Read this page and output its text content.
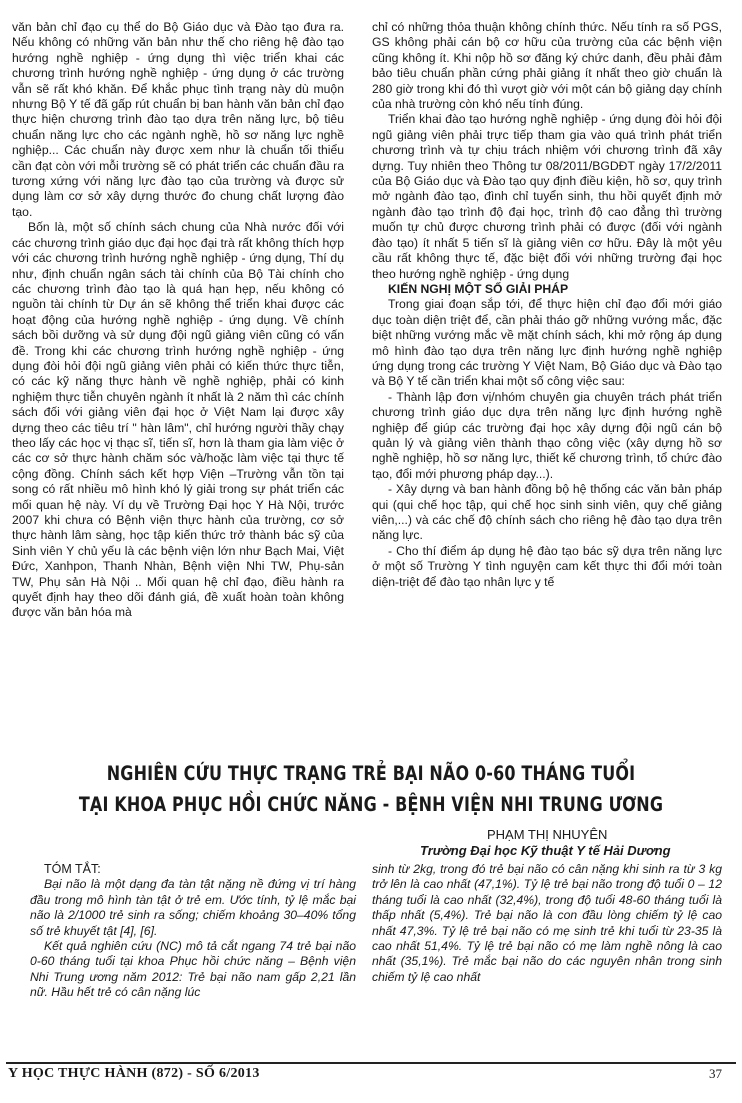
văn bản chỉ đạo cụ thể do Bộ Giáo dục và Đào tạo đưa ra. Nếu không có những văn bản như thế cho riêng hệ đào tạo hướng nghề nghiệp - ứng dụng thì việc triển khai các chương trình hướng nghề nghiệp - ứng dụng ở các trường vẫn sẽ rất khó khăn. Để khắc phục tình trạng này dù muộn nhưng Bộ Y tế đã gấp rút chuẩn bị ban hành văn bản chỉ đạo thực hiện chương trình đào tạo dựa trên năng lực, bộ tiêu chuẩn năng lực cho các ngành nghề, hồ sơ năng lực nghề nghiệp... Các chuẩn này được xem như là chuẩn tối thiểu cần đạt còn với mỗi trường sẽ có phát triển các chuẩn đầu ra tương xứng với năng lực đào tạo của trường và được sử dụng làm cơ sở xây dựng thước đo chung chất lượng đào tạo.

Bốn là, một số chính sách chung của Nhà nước đối với các chương trình giáo dục đại học đại trà rất không thích hợp với các chương trình hướng nghề nghiệp - ứng dụng, Thí dụ như, định chuẩn ngân sách tài chính của Bộ Tài chính cho các chương trình đào tạo là quá hạn hẹp, nếu không có nguồn tài chính từ Dự án sẽ không thể triển khai được các hoạt động của hướng nghề nghiệp - ứng dụng. Về chính sách bồi dưỡng và sử dụng đội ngũ giảng viên cũng có vấn đề. Trong khi các chương trình hướng nghề nghiệp - ứng dụng đòi hỏi đội ngũ giảng viên phải có kiến thức thực tiễn, có các kỹ năng thực hành về nghề nghiệp, phải có kinh nghiệm thực tiễn chuyên ngành ít nhất là 2 năm thì các chính sách đối với giảng viên đại học ở Việt Nam lại được xây dựng theo các tiêu trí " hàn lâm", chỉ hướng người thầy chạy theo lấy các học vị thạc sĩ, tiến sĩ, hơn là tham gia làm việc ở các cơ sở thực hành chăm sóc và/hoặc làm việc tại thực tế cộng đồng. Chính sách kết hợp Viện –Trường vẫn tồn tại song có rất nhiều mô hình khó lý giải trong sự phát triển các mối quan hệ này. Ví dụ về Trường Đại học Y Hà Nội, trước 2007 khi chưa có Bệnh viện thực hành của trường, cơ sở thực hành lâm sàng, học tập kiến thức trở thành bác sỹ của Sinh viên Y chủ yếu là các bệnh viện lớn như Bạch Mai, Việt Đức, Xanhpon, Thanh Nhàn, Bệnh viện Nhi TW, Phụ-sản TW, Phụ sản Hà Nội .. Mối quan hệ chỉ đạo, điều hành ra quyết định hay theo dõi đánh giá, đề xuất hoàn toàn không được văn bản hóa mà

chỉ có những thỏa thuận không chính thức. Nếu tính ra số PGS, GS không phải cán bộ cơ hữu của trường của các bệnh viện cũng không ít. Khi nộp hồ sơ đăng ký chức danh, đều phải đảm bảo tiêu chuẩn phần cứng phải giảng ít nhất theo giờ chuẩn là 280 giờ trong khi đó thì vượt giờ với một cán bộ giảng dạy chính của nhà trường còn khó nếu tính đúng.

Triển khai đào tạo hướng nghề nghiệp - ứng dụng đòi hỏi đội ngũ giảng viên phải trực tiếp tham gia vào quá trình phát triển chương trình và tự chịu trách nhiệm với chương trình đã xây dựng. Tuy nhiên theo Thông tư 08/2011/BGDĐT ngày 17/2/2011 của Bộ Giáo dục và Đào tạo quy định điều kiện, hồ sơ, quy trình mở ngành đào tạo, đình chỉ tuyển sinh, thu hồi quyết định mở ngành đào tạo trình độ đại học, trình độ cao đẳng thì trường muốn tự chủ được chương trình phải có được (đối với ngành đào tạo) ít nhất 5 tiến sĩ là giảng viên cơ hữu. Đây là một yêu cầu rất không thực tế, đặc biệt đối với những trường đại học theo hướng nghề nghiệp - ứng dụng

KIẾN NGHỊ MỘT SỐ GIẢI PHÁP

Trong giai đoạn sắp tới, để thực hiện chỉ đạo đổi mới giáo dục toàn diện triệt để, cần phải tháo gỡ những vướng mắc, đặc biệt những vướng mắc về mặt chính sách, khi mở rộng áp dụng mô hình đào tạo dựa trên năng lực định hướng nghề nghiệp ứng dụng trong các trường Y Việt Nam, Bộ Giáo dục và Đào tạo và Bộ Y tế cần triển khai một số công việc sau:

- Thành lập đơn vị/nhóm chuyên gia chuyên trách phát triển chương trình giáo dục dựa trên năng lực định hướng nghề nghiệp để giúp các trường đại học xây dựng đội ngũ cán bộ quản lý và giảng viên thành thạo công việc (xây dựng hồ sơ nghề nghiệp, hồ sơ năng lực, thiết kế chương trình, tổ chức đào tạo, đổi mới phương pháp dạy...).

- Xây dựng và ban hành đồng bộ hệ thống các văn bản pháp qui (qui chế học tập, qui chế học sinh sinh viên, quy chế giảng viên,...) và các chế độ chính sách cho riêng hệ đào tạo dựa trên năng lực.

- Cho thí điểm áp dụng hệ đào tạo bác sỹ dựa trên năng lực ở một số Trường Y tình nguyện cam kết thực thi đổi mới toàn diện-triệt để đào tạo nhân lực y tế

NGHIÊN CỨU THỰC TRẠNG TRẺ BẠI NÃO 0-60 THÁNG TUỔI
TẠI KHOA PHỤC HỒI CHỨC NĂNG - BỆNH VIỆN NHI TRUNG ƯƠNG
PHẠM THỊ NHUYÊN
Trường Đại học Kỹ thuật Y tế Hải Dương

TÓM TẮT:

Bại não là một dạng đa tàn tật nặng nề đứng vị trí hàng đầu trong mô hình tàn tật ở trẻ em. Ước tính, tỷ lệ mắc bại não là 2/1000 trẻ sinh ra sống; chiếm khoảng 30–40% tổng số trẻ khuyết tật [4], [6].

Kết quả nghiên cứu (NC) mô tả cắt ngang 74 trẻ bại não 0-60 tháng tuổi tại khoa Phục hồi chức năng – Bệnh viện Nhi Trung ương năm 2012: Trẻ bại não nam gấp 2,21 lần nữ. Hầu hết trẻ có cân nặng lúc

sinh từ 2kg, trong đó trẻ bại não có cân nặng khi sinh ra từ 3 kg trở lên là cao nhất (47,1%). Tỷ lệ trẻ bại não trong độ tuổi 0 – 12 tháng tuổi là cao nhất (32,4%), trong độ tuổi 48-60 tháng tuổi là thấp nhất (5,4%). Trẻ bại não là con đầu lòng chiếm tỷ lệ cao nhất 47,3%. Tỷ lệ trẻ bại não có mẹ sinh trẻ khi tuổi từ 23-35 là cao nhất 51,4%. Tỷ lệ trẻ bại não có mẹ làm nghề nông là cao nhất (35,1%). Trẻ mắc bại não do các nguyên nhân trong sinh chiếm tỷ lệ cao nhất

Y HỌC THỰC HÀNH (872) - SỐ 6/2013	37
